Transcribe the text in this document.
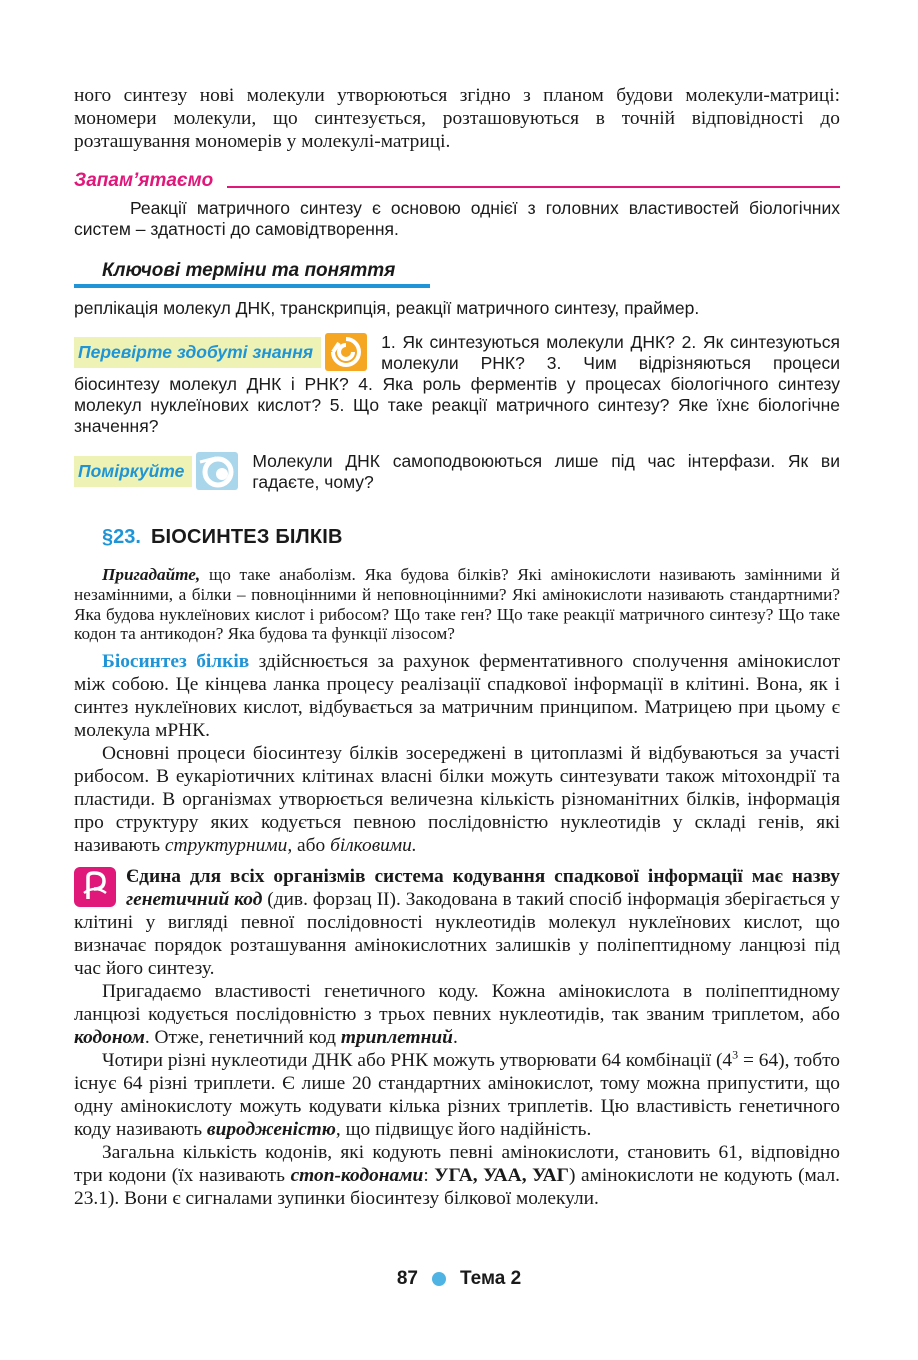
ного синтезу нові молекули утворюються згідно з планом будови молекули-матриці: мономери молекули, що синтезується, розташовуються в точній відповідності до розташування мономерів у молекулі-матриці.

Запам’ятаємо

Реакції матричного синтезу є основою однієї з головних властивостей біологічних систем – здатності до самовідтворення.

Ключові терміни та поняття

реплікація молекул ДНК, транскрипція, реакції матричного синтезу, праймер.

Перевірте здобуті знання	1. Як синтезуються молекули ДНК? 2. Як синтезуються молекули РНК? 3. Чим відрізняються процеси біосинтезу молекул ДНК і РНК? 4. Яка роль ферментів у процесах біологічного синтезу молекул нуклеїнових кислот? 5. Що таке реакції матричного синтезу? Яке їхнє біологічне значення?
Поміркуйте	Молекули ДНК самоподвоюються лише під час інтерфази. Як ви гадаєте, чому?
§23. БІОСИНТЕЗ БІЛКІВ

Пригадайте, що таке анаболізм. Яка будова білків? Які амінокислоти називають замінними й незамінними, а білки – повноцінними й неповноцінними? Які амінокислоти називають стандартними? Яка будова нуклеїнових кислот і рибосом? Що таке ген? Що таке реакції матричного синтезу? Що таке кодон та антикодон? Яка будова та функції лізосом?

Біосинтез білків здійснюється за рахунок ферментативного сполучення амінокислот між собою. Це кінцева ланка процесу реалізації спадкової інформації в клітині. Вона, як і синтез нуклеїнових кислот, відбувається за матричним принципом. Матрицею при цьому є молекула мРНК.

Основні процеси біосинтезу білків зосереджені в цитоплазмі й відбуваються за участі рибосом. В еукаріотичних клітинах власні білки можуть синтезувати також мітохондрії та пластиди. В організмах утворюється величезна кількість різноманітних білків, інформація про структуру яких кодується певною послідовністю нуклеотидів у складі генів, які називають структурними, або білковими.

Єдина для всіх організмів система кодування спадкової інформації має назву генетичний код (див. форзац ІІ). Закодована в такий спосіб інформація зберігається у клітині у вигляді певної послідовності нуклеотидів молекул нуклеїнових кислот, що визначає порядок розташування амінокислотних залишків у поліпептидному ланцюзі під час його синтезу.

Пригадаємо властивості генетичного коду. Кожна амінокислота в поліпептидному ланцюзі кодується послідовністю з трьох певних нуклеотидів, так званим триплетом, або кодоном. Отже, генетичний код триплетний.

Чотири різні нуклеотиди ДНК або РНК можуть утворювати 64 комбінації $(4^3 = 64)$, тобто існує 64 різні триплети. Є лише 20 стандартних амінокислот, тому можна припустити, що одну амінокислоту можуть кодувати кілька різних триплетів. Цю властивість генетичного коду називають виродженістю, що підвищує його надійність.

Загальна кількість кодонів, які кодують певні амінокислоти, становить 61, відповідно три кодони (їх називають стоп-кодонами: УГА, УАА, УАГ) амінокислоти не кодують (мал. 23.1). Вони є сигналами зупинки біосинтезу білкової молекули.

87 Тема 2
